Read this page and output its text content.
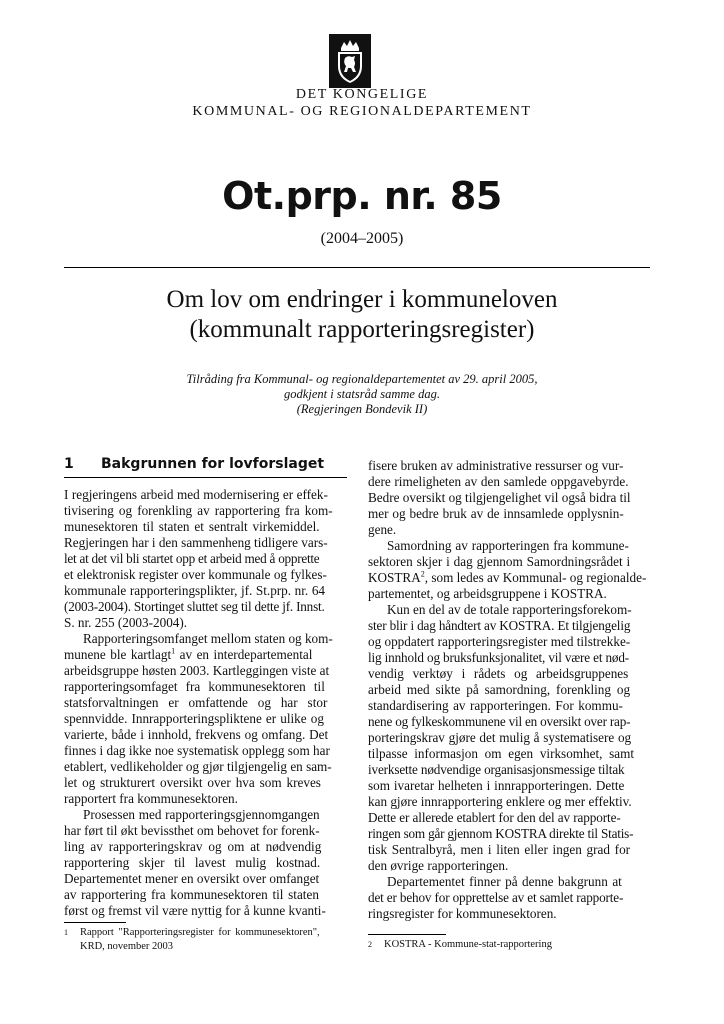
DET KONGELIGE
KOMMUNAL- OG REGIONALDEPARTEMENT
Ot.prp. nr. 85
(2004–2005)
Om lov om endringer i kommuneloven
(kommunalt rapporteringsregister)
Tilråding fra Kommunal- og regionaldepartementet av 29. april 2005,
godkjent i statsråd samme dag.
(Regjeringen Bondevik II)
1 Bakgrunnen for lovforslaget
I regjeringens arbeid med modernisering er effek-
tivisering og forenkling av rapportering fra kom-
munesektoren til staten et sentralt virkemiddel.
Regjeringen har i den sammenheng tidligere vars-
let at det vil bli startet opp et arbeid med å opprette
et elektronisk register over kommunale og fylkes-
kommunale rapporteringsplikter, jf. St.prp. nr. 64
(2003-2004). Stortinget sluttet seg til dette jf. Innst.
S. nr. 255 (2003-2004).
Rapporteringsomfanget mellom staten og kom-
munene ble kartlagt$^1$ av en interdepartemental
arbeidsgruppe høsten 2003. Kartleggingen viste at
rapporteringsomfaget fra kommunesektoren til
statsforvaltningen er omfattende og har stor
spennvidde. Innrapporteringspliktene er ulike og
varierte, både i innhold, frekvens og omfang. Det
finnes i dag ikke noe systematisk opplegg som har
etablert, vedlikeholder og gjør tilgjengelig en sam-
let og strukturert oversikt over hva som kreves
rapportert fra kommunesektoren.
Prosessen med rapporteringsgjennomgangen
har ført til økt bevissthet om behovet for forenk-
ling av rapporteringskrav og om at nødvendig
rapportering skjer til lavest mulig kostnad.
Departementet mener en oversikt over omfanget
av rapportering fra kommunesektoren til staten
først og fremst vil være nyttig for å kunne kvanti-
fisere bruken av administrative ressurser og vur-
dere rimeligheten av den samlede oppgavebyrde.
Bedre oversikt og tilgjengelighet vil også bidra til
mer og bedre bruk av de innsamlede opplysnin-
gene.
Samordning av rapporteringen fra kommune-
sektoren skjer i dag gjennom Samordningsrådet i
KOSTRA$^2$, som ledes av Kommunal- og regionalde-
partementet, og arbeidsgruppene i KOSTRA.
Kun en del av de totale rapporteringsforekom-
ster blir i dag håndtert av KOSTRA. Et tilgjengelig
og oppdatert rapporteringsregister med tilstrekke-
lig innhold og bruksfunksjonalitet, vil være et nød-
vendig verktøy i rådets og arbeidsgruppenes
arbeid med sikte på samordning, forenkling og
standardisering av rapporteringen. For kommu-
nene og fylkeskommunene vil en oversikt over rap-
porteringskrav gjøre det mulig å systematisere og
tilpasse informasjon om egen virksomhet, samt
iverksette nødvendige organisasjonsmessige tiltak
som ivaretar helheten i innrapporteringen. Dette
kan gjøre innrapportering enklere og mer effektiv.
Dette er allerede etablert for den del av rapporte-
ringen som går gjennom KOSTRA direkte til Statis-
tisk Sentralbyrå, men i liten eller ingen grad for
den øvrige rapporteringen.
Departementet finner på denne bakgrunn at
det er behov for opprettelse av et samlet rapporte-
ringsregister for kommunesektoren.
1 Rapport "Rapporteringsregister for kommunesektoren",
KRD, november 2003	2 KOSTRA - Kommune-stat-rapportering
